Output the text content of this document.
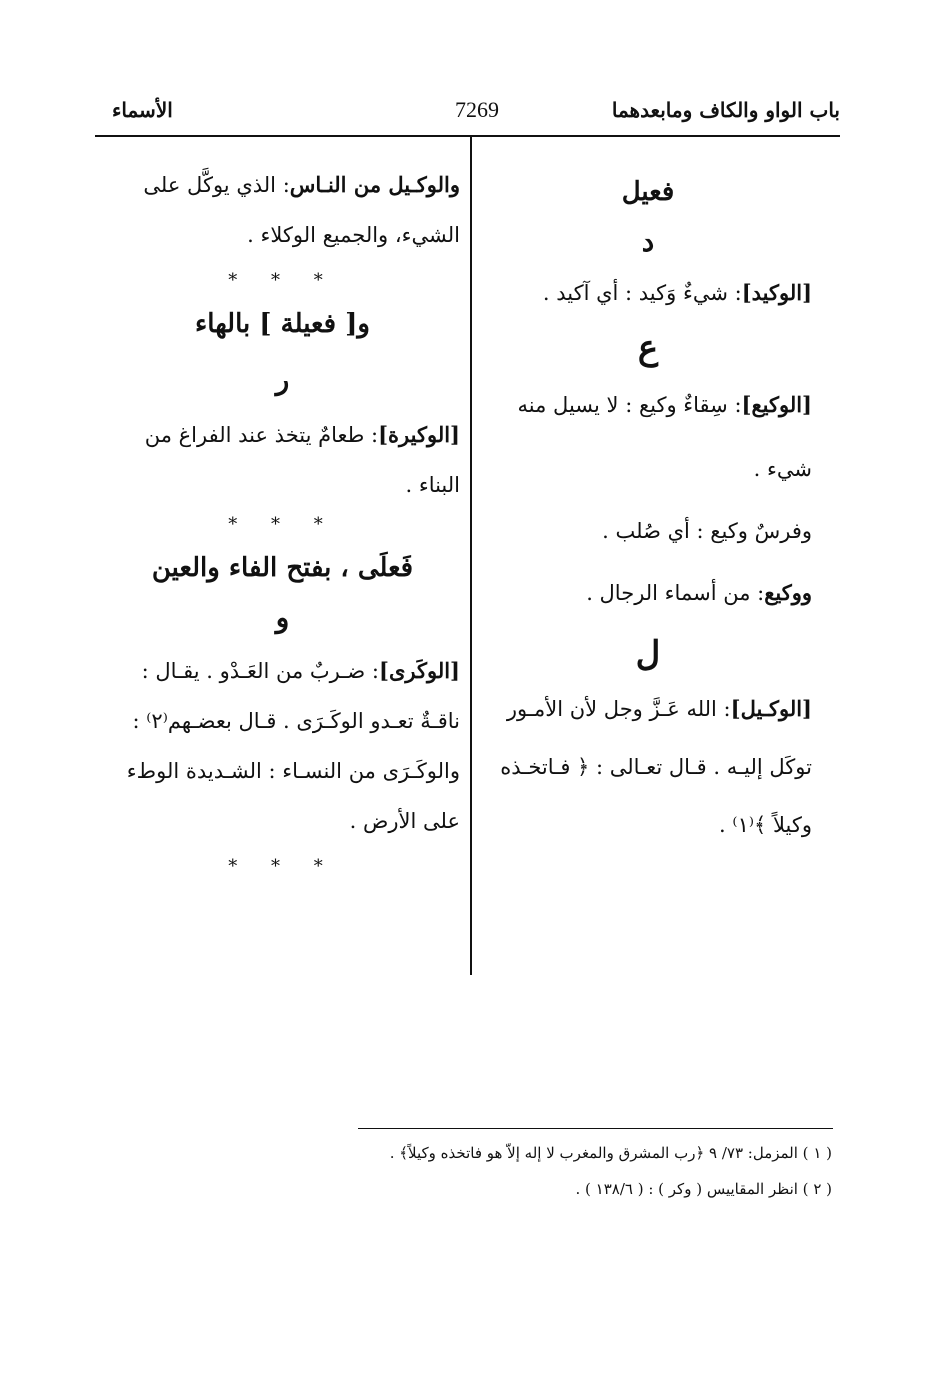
باب الواو والكاف ومابعدهما
7269
الأسماء

فعيل

د

[الوكيد]: شيءٌ وَكيد : أي آكيد .

ع

[الوكيع]: سِقاءٌ وكيع : لا يسيل منه

شيء .

وفرسٌ وكيع : أي صُلب .

ووكيع: من أسماء الرجال .

ل

[الوكـيل]: الله عَـزَّ وجل لأن الأمـور

توكَل إليـه . قـال تعـالى : ﴿ فـاتخـذه

وكيلاً ﴾⁽١⁾ .

والوكـيل من النـاس: الذي يوكَّل على

الشيء، والجميع الوكلاء .

* * *

و[ فعيلة ] بالهاء

ر

[الوكيرة]: طعامٌ يتخذ عند الفراغ من

البناء .

* * *

فَعلَى ، بفتح الفاء والعين

و

[الوكَرى]: ضـربٌ من العَـدْو . يقـال :

ناقـةٌ تعـدو الوكَـرَى . قـال بعضـهم⁽٢⁾ :

والوكَـرَى من النسـاء : الشـديدة الوطء

على الأرض .

* * *

( ١ ) المزمل: ٧٣/ ٩ ﴿رب المشرق والمغرب لا إله إلاّ هو فاتخذه وكيلاً﴾ .
( ٢ ) انظر المقاييس ( وكر ) : ( ١٣٨/٦ ) .
